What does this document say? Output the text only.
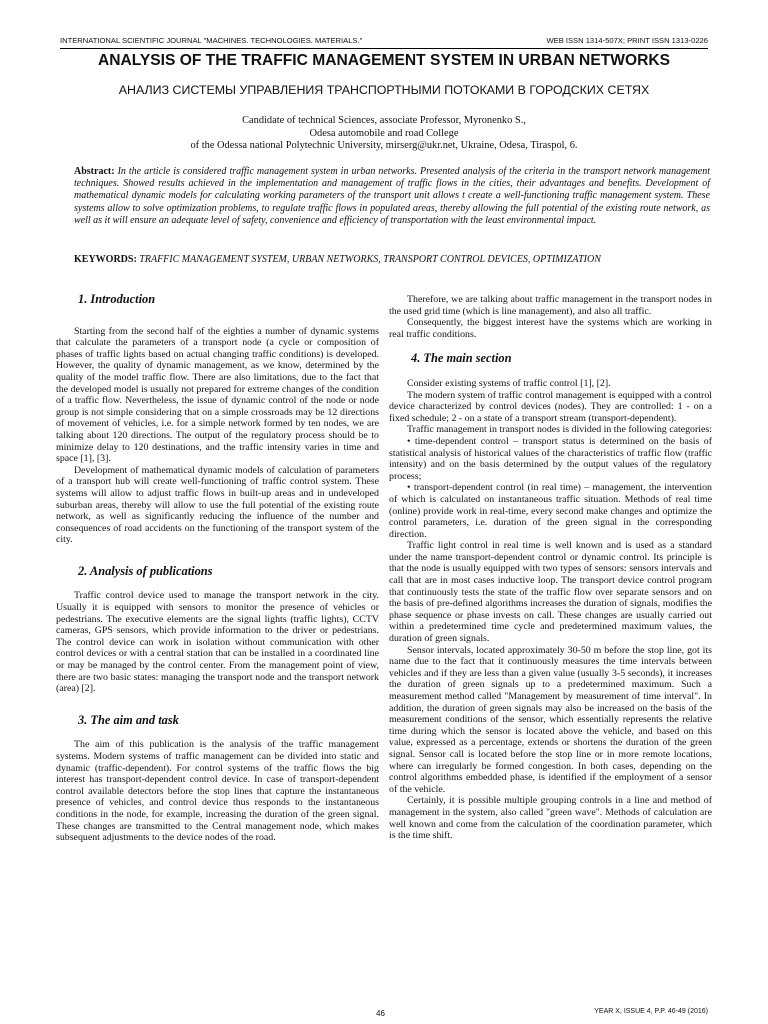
INTERNATIONAL SCIENTIFIC JOURNAL "MACHINES. TECHNOLOGIES. MATERIALS."	WEB ISSN 1314-507X; PRINT ISSN 1313-0226
ANALYSIS OF THE TRAFFIC MANAGEMENT SYSTEM IN URBAN NETWORKS
АНАЛИЗ СИСТЕМЫ УПРАВЛЕНИЯ ТРАНСПОРТНЫМИ ПОТОКАМИ В ГОРОДСКИХ СЕТЯХ
Candidate of technical Sciences, associate Professor, Myronenko S.,
Odesa automobile and road College
of the Odessa national Polytechnic University, mirserg@ukr.net, Ukraine, Odesa, Tiraspol, 6.
Abstract: In the article is considered traffic management system in urban networks. Presented analysis of the criteria in the transport network management techniques. Showed results achieved in the implementation and management of traffic flows in the cities, their advantages and benefits. Development of mathematical dynamic models for calculating working parameters of the transport unit allows t create a well-functioning traffic management system. These systems allow to solve optimization problems, to regulate traffic flows in populated areas, thereby allowing the full potential of the existing route network, as well as it will ensure an adequate level of safety, convenience and efficiency of transportation with the least environmental impact.
KEYWORDS: TRAFFIC MANAGEMENT SYSTEM, URBAN NETWORKS, TRANSPORT CONTROL DEVICES, OPTIMIZATION
1. Introduction

Starting from the second half of the eighties a number of dynamic systems that calculate the parameters of a transport node (a cycle or composition of phases of traffic lights based on actual changing traffic conditions) is developed. However, the quality of dynamic management, as we know, determined by the quality of the model traffic flow. There are also limitations, due to the fact that the developed model is usually not prepared for extreme changes of the condition of a traffic flow. Nevertheless, the issue of dynamic control of the node or node group is not simple considering that on a simple crossroads may be 12 directions of movement of vehicles, i.e. for a simple network formed by ten nodes, we are talking about 120 directions. The output of the regulatory process should be to minimize delay to 120 destinations, and the traffic intensity varies in time and space [1], [3].

Development of mathematical dynamic models of calculation of parameters of a transport hub will create well-functioning of traffic control system. These systems will allow to adjust traffic flows in built-up areas and in undeveloped suburban areas, thereby will allow to use the full potential of the existing route network, as well as significantly reducing the influence of the number and consequences of road accidents on the functioning of the transport system of the city.

2. Analysis of publications

Traffic control device used to manage the transport network in the city. Usually it is equipped with sensors to monitor the presence of vehicles or pedestrians. The executive elements are the signal lights (traffic lights), CCTV cameras, GPS sensors, which provide information to the driver or pedestrians. The control device can work in isolation without communication with other control devices or with a central station that can be installed in a coordinated line or may be managed by the control center. From the management point of view, there are two basic states: managing the transport node and the transport network (area) [2].

3. The aim and task

The aim of this publication is the analysis of the traffic management systems. Modern systems of traffic management can be divided into static and dynamic (traffic-dependent). For control systems of the traffic flows the big interest has transport-dependent control device. In case of transport-dependent control available detectors before the stop lines that capture the instantaneous presence of vehicles, and control device thus responds to the instantaneous conditions in the node, for example, increasing the duration of the green signal. These changes are transmitted to the Central management node, which makes subsequent adjustments to the device nodes of the road.

Therefore, we are talking about traffic management in the transport nodes in the used grid time (which is line management), and also all traffic.

Consequently, the biggest interest have the systems which are working in real traffic conditions.

4. The main section

Consider existing systems of traffic control [1], [2].

The modern system of traffic control management is equipped with a control device characterized by control devices (nodes). They are controlled: 1 - on a fixed schedule; 2 - on a state of a transport stream (transport-dependent).

Traffic management in transport nodes is divided in the following categories:

• time-dependent control – transport status is determined on the basis of statistical analysis of historical values of the characteristics of traffic flow (traffic intensity) and on the basis determined by the output values of the regulatory process;

• transport-dependent control (in real time) – management, the intervention of which is calculated on instantaneous traffic situation. Methods of real time (online) provide work in real-time, every second make changes and optimize the control parameters, i.e. duration of the green signal in the corresponding direction.

Traffic light control in real time is well known and is used as a standard under the name transport-dependent control or dynamic control. Its principle is that the node is usually equipped with two types of sensors: sensors intervals and call that are in most cases inductive loop. The transport device control program that continuously tests the state of the traffic flow over separate sensors and on the basis of pre-defined algorithms increases the duration of signals, modifies the phase sequence or phase invests on call. These changes are usually carried out within a predetermined time cycle and predetermined maximum values, the duration of green signals.

Sensor intervals, located approximately 30-50 m before the stop line, got its name due to the fact that it continuously measures the time intervals between vehicles and if they are less than a given value (usually 3-5 seconds), it increases the duration of green signals up to a predetermined maximum. Such a measurement method called "Management by measurement of time interval". In addition, the duration of green signals may also be increased on the basis of the measurement conditions of the sensor, which essentially represents the relative time during which the sensor is located above the vehicle, and based on this value, expressed as a percentage, extends or shortens the duration of the green signal. Sensor call is located before the stop line or in more remote locations, where can irregularly be formed congestion. In both cases, depending on the control algorithms embedded phase, is identified if the employment of a sensor of the vehicle.

Certainly, it is possible multiple grouping controls in a line and method of management in the system, also called "green wave". Methods of calculation are well known and come from the calculation of the coordination parameter, which is the time shift.

46	YEAR X, ISSUE 4, P.P. 46-49 (2016)
